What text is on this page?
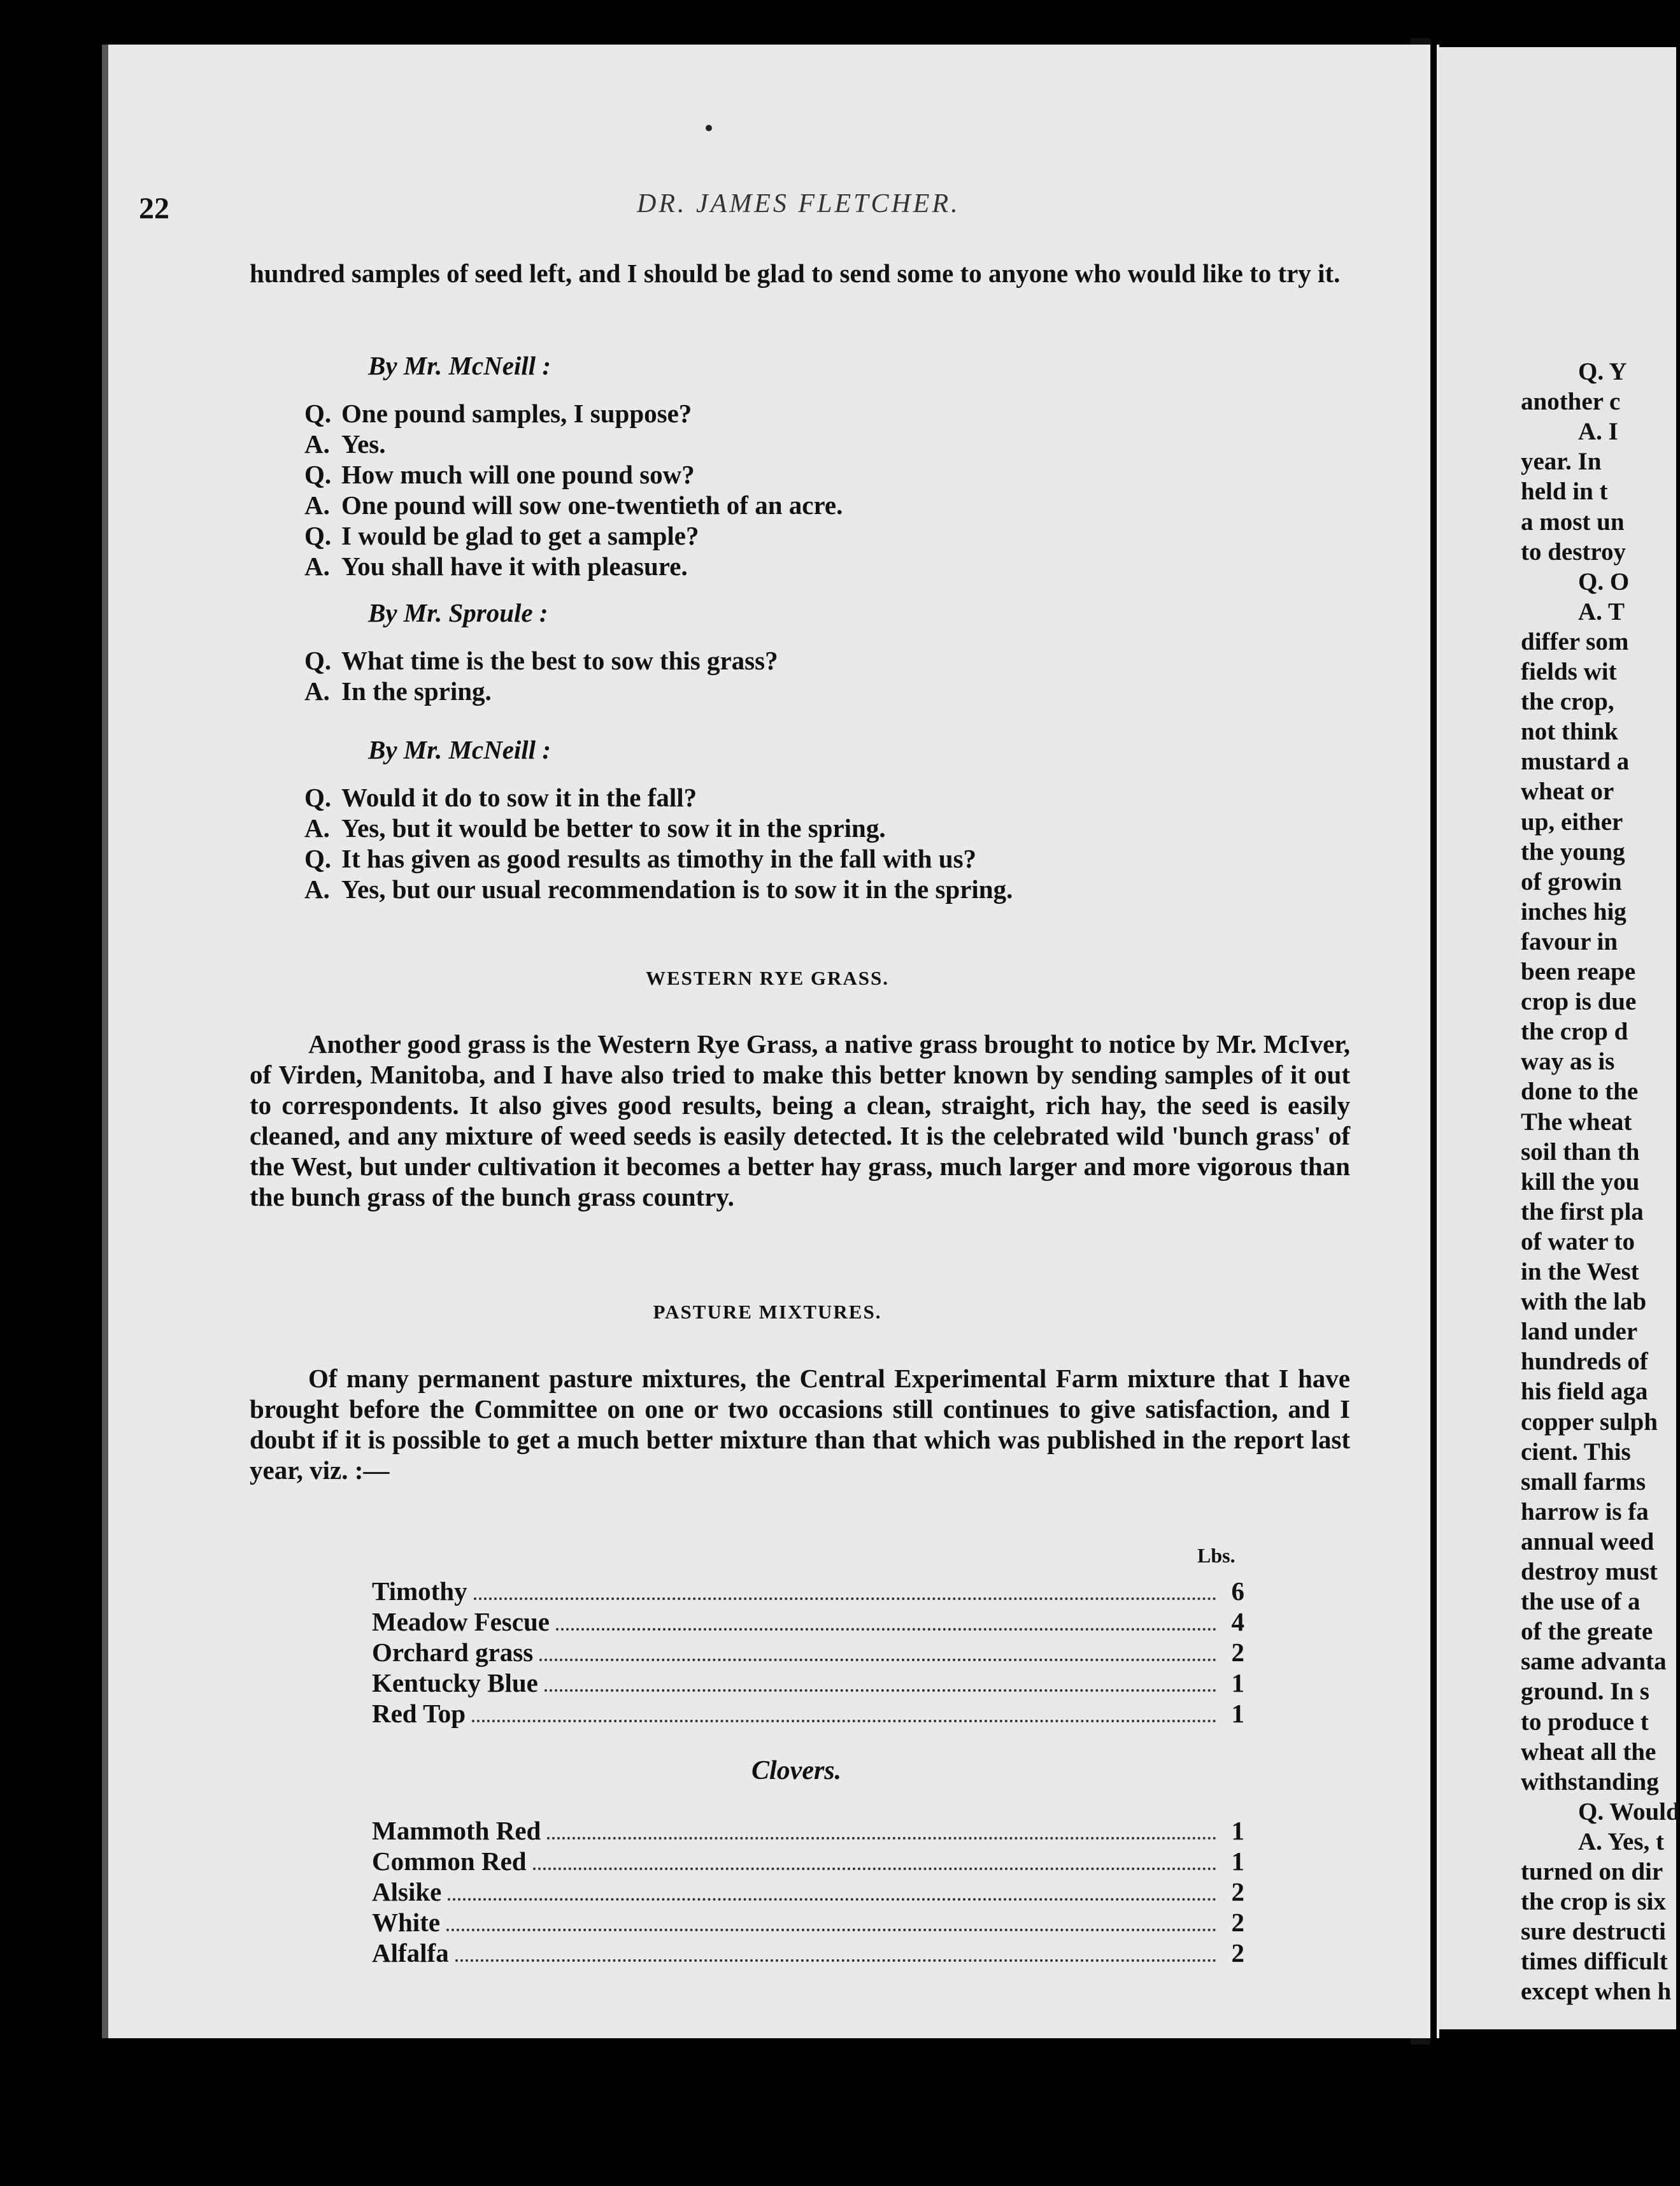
22	DR. JAMES FLETCHER.
hundred samples of seed left, and I should be glad to send some to anyone who would like to try it.
By Mr. McNeill :
Q. One pound samples, I suppose?
A. Yes.
Q. How much will one pound sow?
A. One pound will sow one-twentieth of an acre.
Q. I would be glad to get a sample?
A. You shall have it with pleasure.
By Mr. Sproule :
Q. What time is the best to sow this grass?
A. In the spring.
By Mr. McNeill :
Q. Would it do to sow it in the fall?
A. Yes, but it would be better to sow it in the spring.
Q. It has given as good results as timothy in the fall with us?
A. Yes, but our usual recommendation is to sow it in the spring.
WESTERN RYE GRASS.
Another good grass is the Western Rye Grass, a native grass brought to notice by Mr. McIver, of Virden, Manitoba, and I have also tried to make this better known by sending samples of it out to correspondents. It also gives good results, being a clean, straight, rich hay, the seed is easily cleaned, and any mixture of weed seeds is easily detected. It is the celebrated wild 'bunch grass' of the West, but under cultivation it becomes a better hay grass, much larger and more vigorous than the bunch grass of the bunch grass country.
PASTURE MIXTURES.
Of many permanent pasture mixtures, the Central Experimental Farm mixture that I have brought before the Committee on one or two occasions still continues to give satisfaction, and I doubt if it is possible to get a much better mixture than that which was published in the report last year, viz. :—
Lbs.
Timothy	6
Meadow Fescue	4
Orchard grass	2
Kentucky Blue	1
Red Top	1
Clovers.
Mammoth Red	1
Common Red	1
Alsike	2
White	2
Alfalfa	2
Q. Y
another c
A. I
year. In
held in t
a most un
to destroy
Q. O
A. T
differ som
fields wit
the crop,
not think
mustard a
wheat or
up, either
the young
of growin
inches hig
favour in
been reape
crop is due
the crop d
way as is
done to the
The wheat
soil than th
kill the you
the first pla
of water to
in the West
with the lab
land under
hundreds of
his field aga
copper sulph
cient. This
small farms
harrow is fa
annual weed
destroy must
the use of a
of the greate
same advanta
ground. In s
to produce t
wheat all the
withstanding
Q. Would
A. Yes, t
turned on dir
the crop is six
sure destructi
times difficult
except when h
